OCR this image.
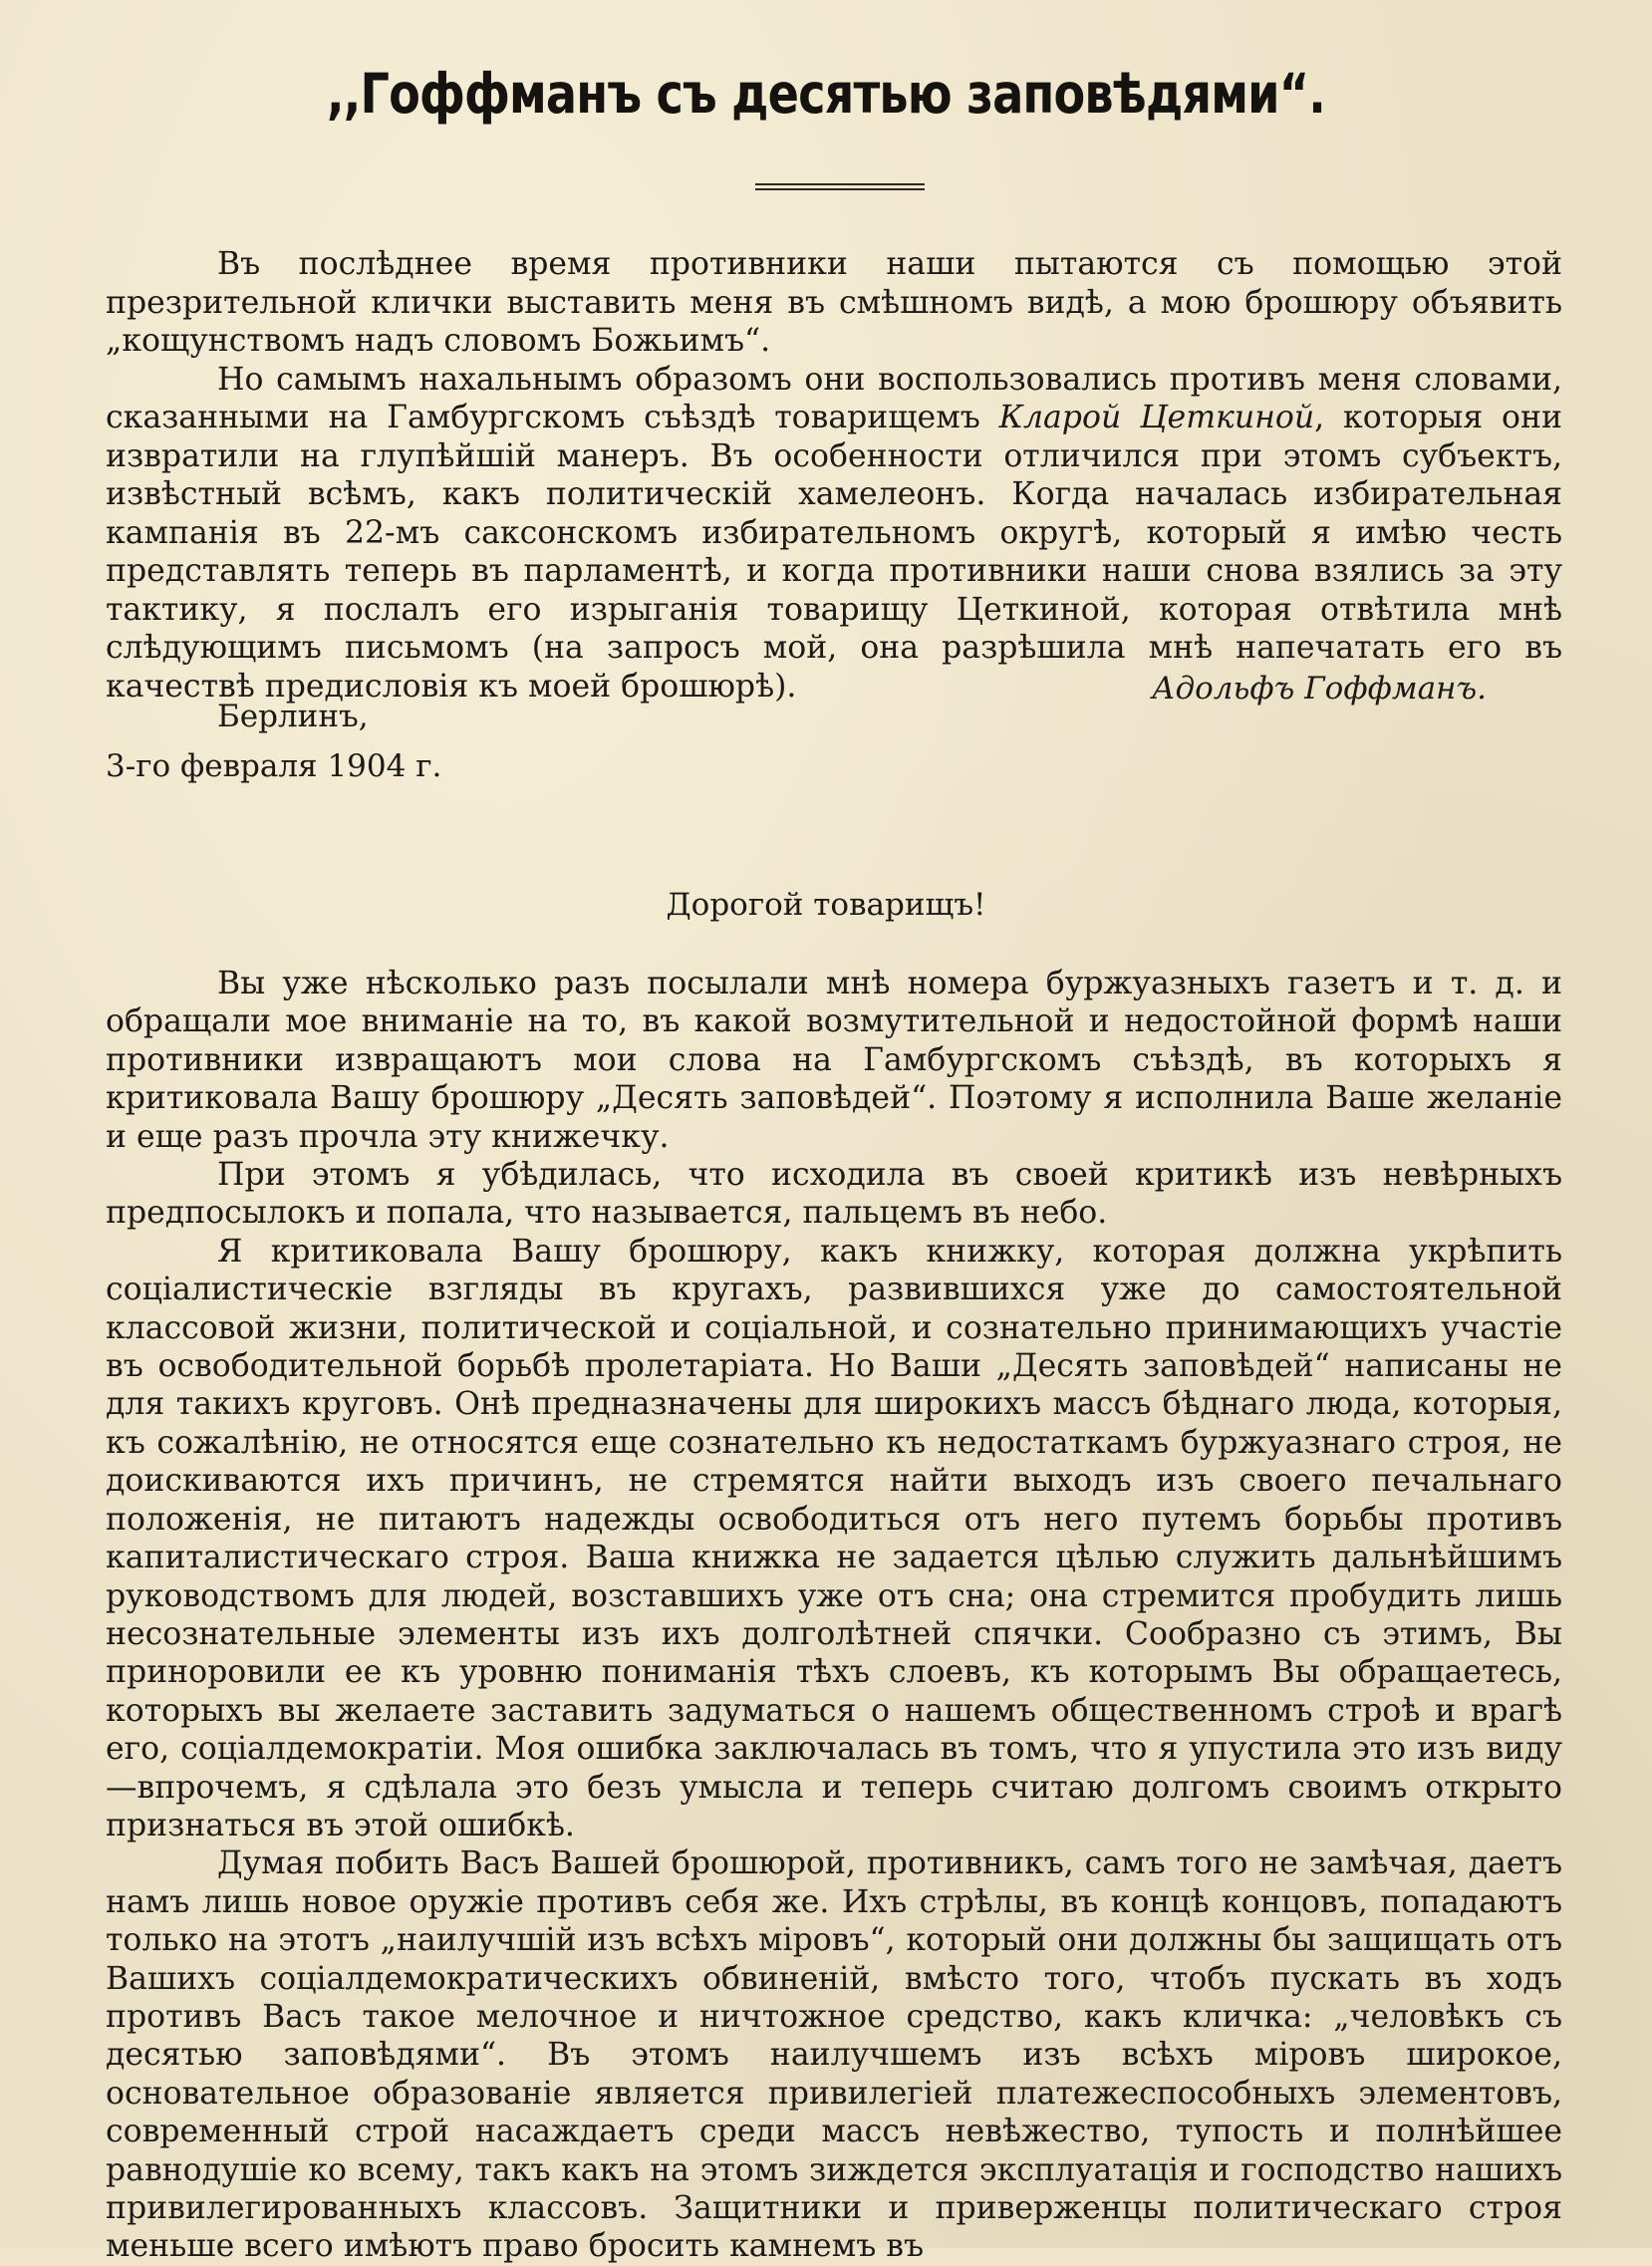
,,Гоффманъ съ десятью заповѣдями“.

Въ послѣднее время противники наши пытаются съ помощью этой презрительной клички выставить меня въ смѣшномъ видѣ, а мою брошюру объявить „кощунствомъ надъ словомъ Божьимъ“.

Но самымъ нахальнымъ образомъ они воспользовались противъ меня словами, сказанными на Гамбургскомъ съѣздѣ товарищемъ Кларой Цеткиной, которыя они извратили на глупѣйшій манеръ. Въ особенности отличился при этомъ субъектъ, извѣстный всѣмъ, какъ политическій хамелеонъ. Когда началась избирательная кампанія въ 22-мъ саксонскомъ избирательномъ округѣ, который я имѣю честь представлять теперь въ парламентѣ, и когда противники наши снова взялись за эту тактику, я послалъ его изрыганія товарищу Цеткиной, которая отвѣтила мнѣ слѣдующимъ письмомъ (на запросъ мой, она разрѣшила мнѣ напечатать его въ качествѣ предисловія къ моей брошюрѣ).	Адольфъ Гоффманъ.
Берлинъ,
3-го февраля 1904 г.
Дорогой товарищъ!

Вы уже нѣсколько разъ посылали мнѣ номера буржуазныхъ газетъ и т. д. и обращали мое вниманіе на то, въ какой возмутительной и недостойной формѣ наши противники извращаютъ мои слова на Гамбургскомъ съѣздѣ, въ которыхъ я критиковала Вашу брошюру „Десять заповѣдей“. Поэтому я исполнила Ваше желаніе и еще разъ прочла эту книжечку.

При этомъ я убѣдилась, что исходила въ своей критикѣ изъ невѣрныхъ предпосылокъ и попала, что называется, пальцемъ въ небо.

Я критиковала Вашу брошюру, какъ книжку, которая должна укрѣпить соціалистическіе взгляды въ кругахъ, развившихся уже до самостоятельной классовой жизни, политической и соціальной, и сознательно принимающихъ участіе въ освободительной борьбѣ пролетаріата. Но Ваши „Десять заповѣдей“ написаны не для такихъ круговъ. Онѣ предназначены для широкихъ массъ бѣднаго люда, которыя, къ сожалѣнію, не относятся еще сознательно къ недостаткамъ буржуазнаго строя, не доискиваются ихъ причинъ, не стремятся найти выходъ изъ своего печальнаго положенія, не питаютъ надежды освободиться отъ него путемъ борьбы противъ капиталистическаго строя. Ваша книжка не задается цѣлью служить дальнѣйшимъ руководствомъ для людей, возставшихъ уже отъ сна; она стремится пробудить лишь несознательные элементы изъ ихъ долголѣтней спячки. Сообразно съ этимъ, Вы приноровили ее къ уровню пониманія тѣхъ слоевъ, къ которымъ Вы обращаетесь, которыхъ вы желаете заставить задуматься о нашемъ общественномъ строѣ и врагѣ его, соціалдемократіи. Моя ошибка заключалась въ томъ, что я упустила это изъ виду—впрочемъ, я сдѣлала это безъ умысла и теперь считаю долгомъ своимъ открыто признаться въ этой ошибкѣ.

Думая побить Васъ Вашей брошюрой, противникъ, самъ того не замѣчая, даетъ намъ лишь новое оружіе противъ себя же. Ихъ стрѣлы, въ концѣ концовъ, попадаютъ только на этотъ „наилучшій изъ всѣхъ міровъ“, который они должны бы защищать отъ Вашихъ соціалдемократическихъ обвиненій, вмѣсто того, чтобъ пускать въ ходъ противъ Васъ такое мелочное и ничтожное средство, какъ кличка: „человѣкъ съ десятью заповѣдями“. Въ этомъ наилучшемъ изъ всѣхъ міровъ широкое, основательное образованіе является привилегіей платежеспособныхъ элементовъ, современный строй насаждаетъ среди массъ невѣжество, тупость и полнѣйшее равнодушіе ко всему, такъ какъ на этомъ зиждется эксплуатація и господство нашихъ привилегированныхъ классовъ. Защитники и приверженцы политическаго строя меньше всего имѣютъ право бросить камнемъ въ
